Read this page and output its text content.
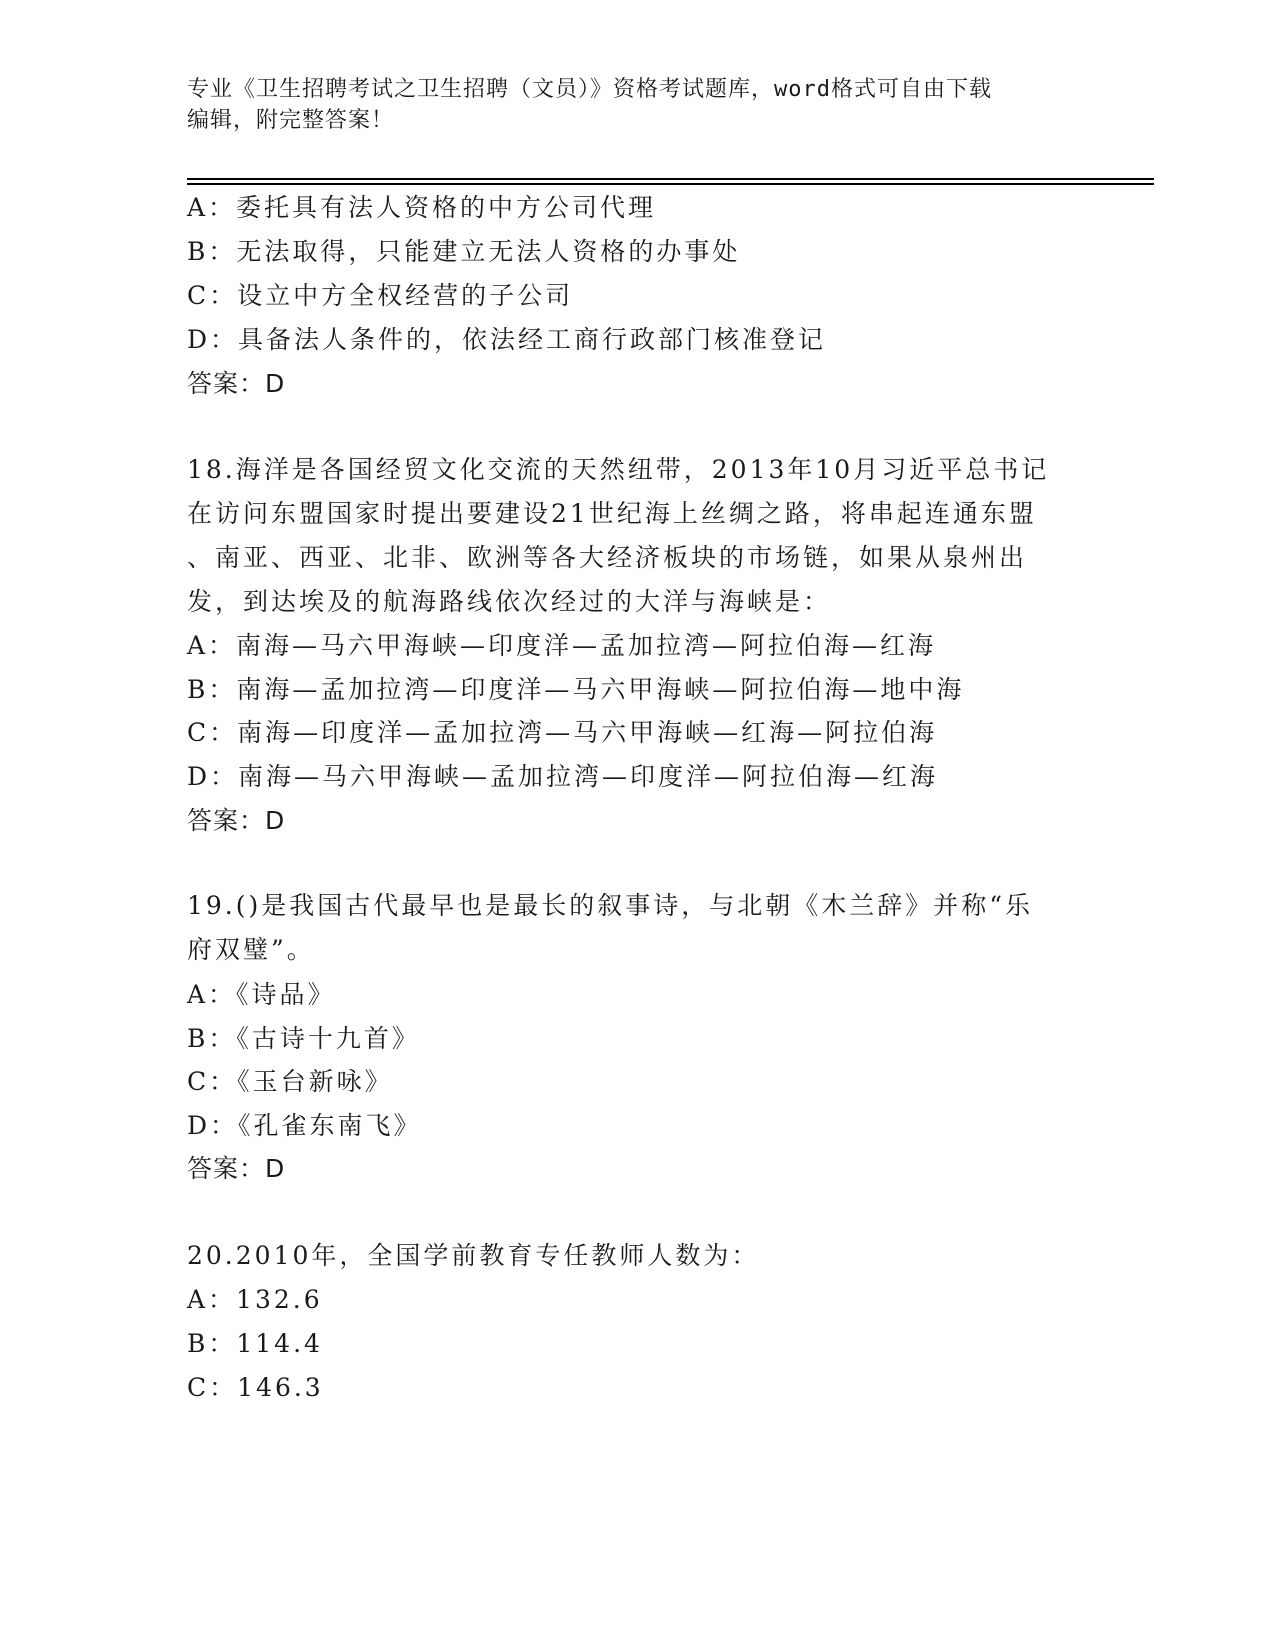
专业《卫生招聘考试之卫生招聘（文员）》资格考试题库，word格式可自由下载
编辑，附完整答案！
A：委托具有法人资格的中方公司代理
B：无法取得，只能建立无法人资格的办事处
C：设立中方全权经营的子公司
D：具备法人条件的，依法经工商行政部门核准登记
答案：D
18.海洋是各国经贸文化交流的天然纽带，2013年10月习近平总书记
在访问东盟国家时提出要建设21世纪海上丝绸之路，将串起连通东盟
、南亚、西亚、北非、欧洲等各大经济板块的市场链，如果从泉州出
发，到达埃及的航海路线依次经过的大洋与海峡是：
A：南海—马六甲海峡—印度洋—孟加拉湾—阿拉伯海—红海
B：南海—孟加拉湾—印度洋—马六甲海峡—阿拉伯海—地中海
C：南海—印度洋—孟加拉湾—马六甲海峡—红海—阿拉伯海
D：南海—马六甲海峡—孟加拉湾—印度洋—阿拉伯海—红海
答案：D
19.()是我国古代最早也是最长的叙事诗，与北朝《木兰辞》并称“乐
府双璧”。
A：《诗品》
B：《古诗十九首》
C：《玉台新咏》
D：《孔雀东南飞》
答案：D
20.2010年，全国学前教育专任教师人数为：
A：132.6
B：114.4
C：146.3
